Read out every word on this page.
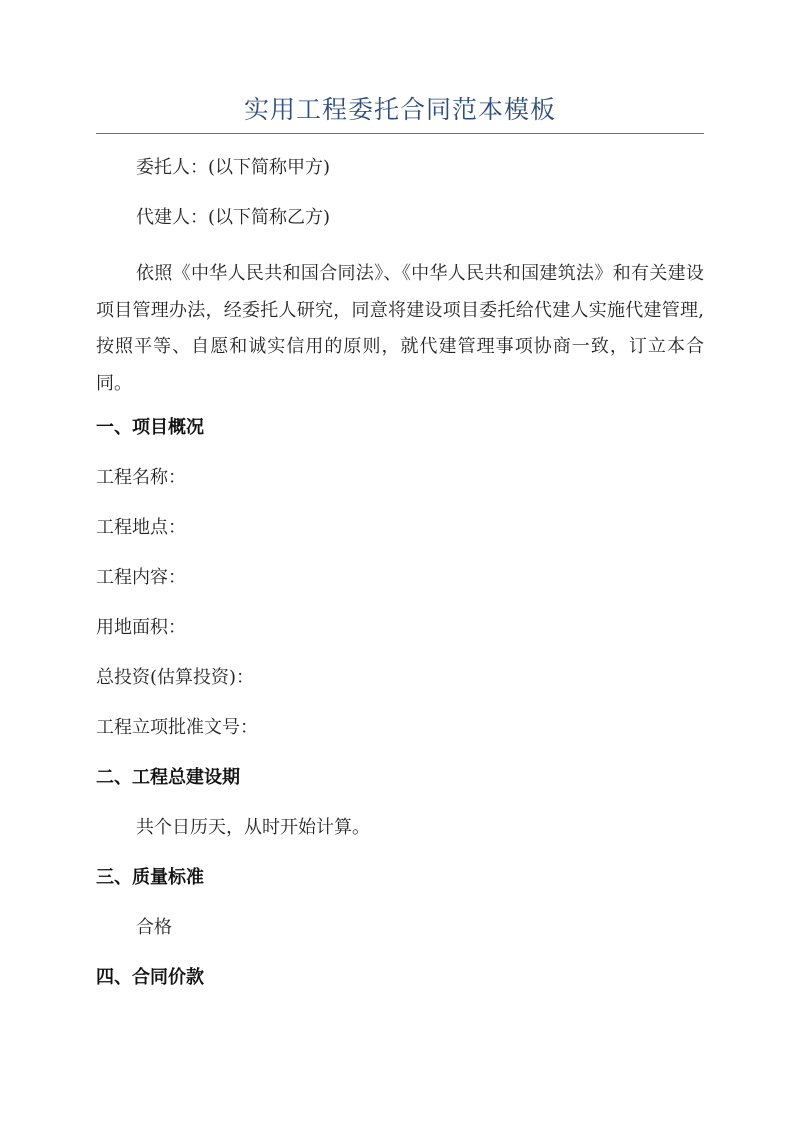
实用工程委托合同范本模板
委托人：(以下简称甲方)
代建人：(以下简称乙方)
依照《中华人民共和国合同法》、《中华人民共和国建筑法》和有关建设项目管理办法，经委托人研究，同意将建设项目委托给代建人实施代建管理,按照平等、自愿和诚实信用的原则，就代建管理事项协商一致，订立本合同。
一、项目概况
工程名称：
工程地点：
工程内容：
用地面积：
总投资(估算投资)：
工程立项批准文号：
二、工程总建设期
共个日历天，从时开始计算。
三、质量标准
合格
四、合同价款
